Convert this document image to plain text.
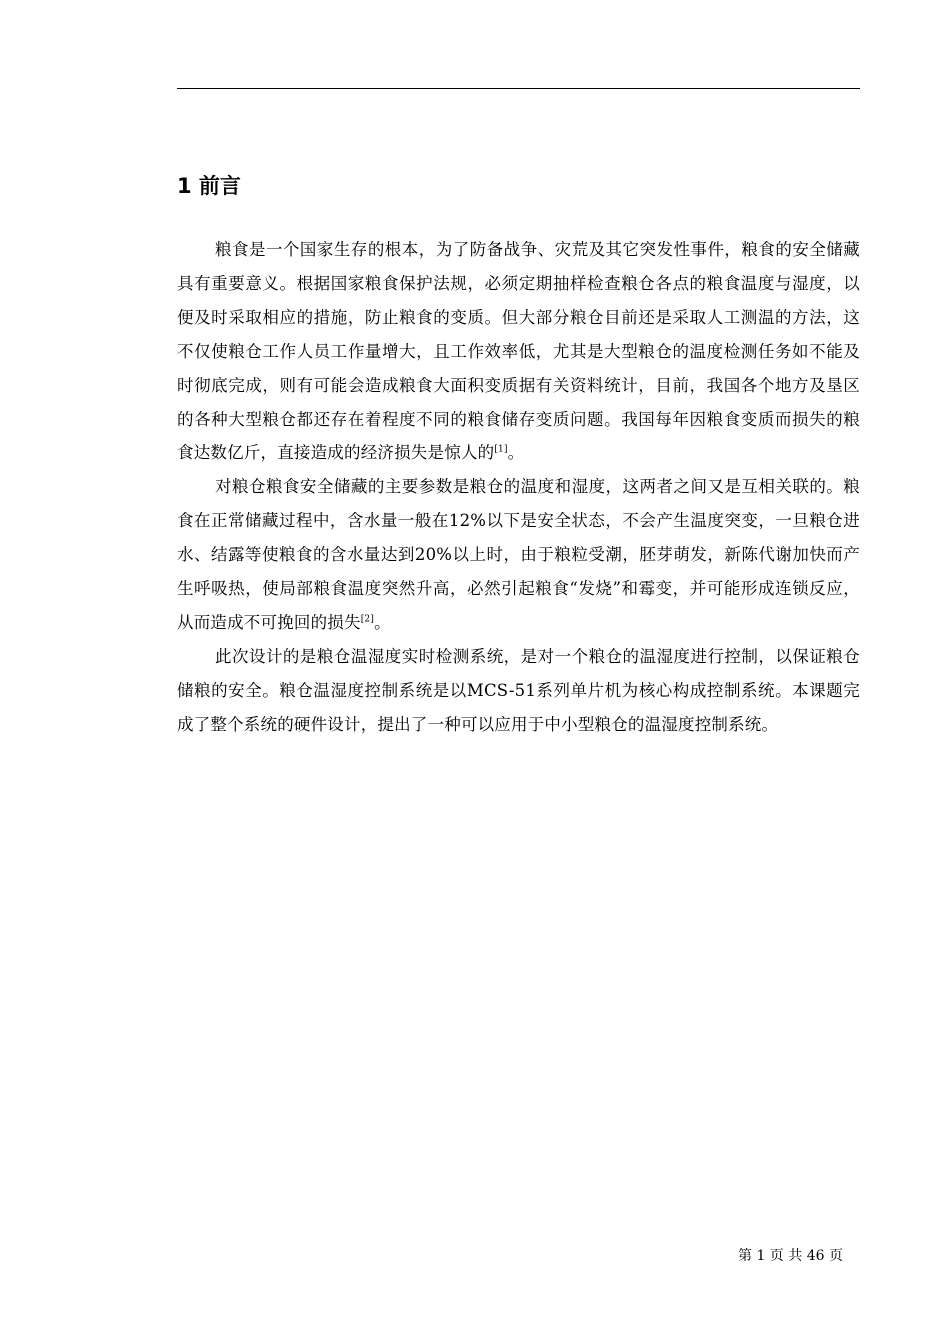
1 前言

粮食是一个国家生存的根本，为了防备战争、灾荒及其它突发性事件，粮食的安全储藏具有重要意义。根据国家粮食保护法规，必须定期抽样检查粮仓各点的粮食温度与湿度，以便及时采取相应的措施，防止粮食的变质。但大部分粮仓目前还是采取人工测温的方法，这不仅使粮仓工作人员工作量增大，且工作效率低，尤其是大型粮仓的温度检测任务如不能及时彻底完成，则有可能会造成粮食大面积变质据有关资料统计，目前，我国各个地方及垦区的各种大型粮仓都还存在着程度不同的粮食储存变质问题。我国每年因粮食变质而损失的粮食达数亿斤，直接造成的经济损失是惊人的[1]。

对粮仓粮食安全储藏的主要参数是粮仓的温度和湿度，这两者之间又是互相关联的。粮食在正常储藏过程中，含水量一般在12%以下是安全状态，不会产生温度突变，一旦粮仓进水、结露等使粮食的含水量达到20%以上时，由于粮粒受潮，胚芽萌发，新陈代谢加快而产生呼吸热，使局部粮食温度突然升高，必然引起粮食“发烧”和霉变，并可能形成连锁反应，从而造成不可挽回的损失[2]。

此次设计的是粮仓温湿度实时检测系统，是对一个粮仓的温湿度进行控制，以保证粮仓储粮的安全。粮仓温湿度控制系统是以MCS-51系列单片机为核心构成控制系统。本课题完成了整个系统的硬件设计，提出了一种可以应用于中小型粮仓的温湿度控制系统。

第 1 页 共 46 页
